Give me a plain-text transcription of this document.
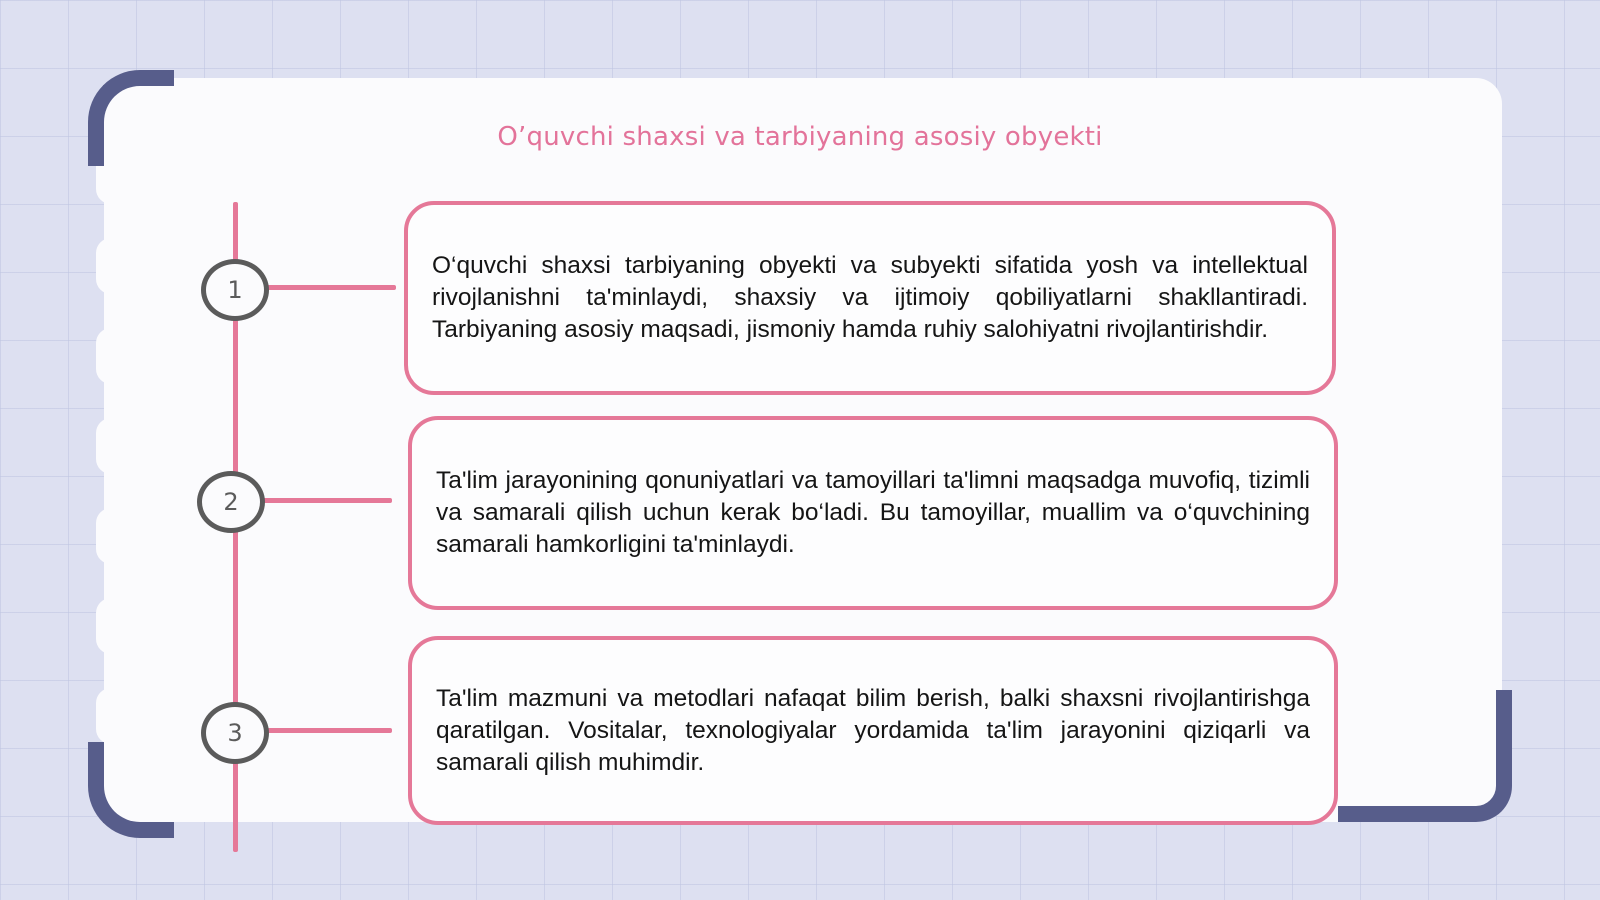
O’quvchi shaxsi va tarbiyaning asosiy obyekti
1
2
3
O‘quvchi shaxsi tarbiyaning obyekti va subyekti sifatida yosh va intellektual rivojlanishni ta'minlaydi, shaxsiy va ijtimoiy qobiliyatlarni shakllantiradi. Tarbiyaning asosiy maqsadi, jismoniy hamda ruhiy salohiyatni rivojlantirishdir.
Ta'lim jarayonining qonuniyatlari va tamoyillari ta'limni maqsadga muvofiq, tizimli va samarali qilish uchun kerak bo‘ladi. Bu tamoyillar, muallim va o‘quvchining samarali hamkorligini ta'minlaydi.
Ta'lim mazmuni va metodlari nafaqat bilim berish, balki shaxsni rivojlantirishga qaratilgan. Vositalar, texnologiyalar yordamida ta'lim jarayonini qiziqarli va samarali qilish muhimdir.
